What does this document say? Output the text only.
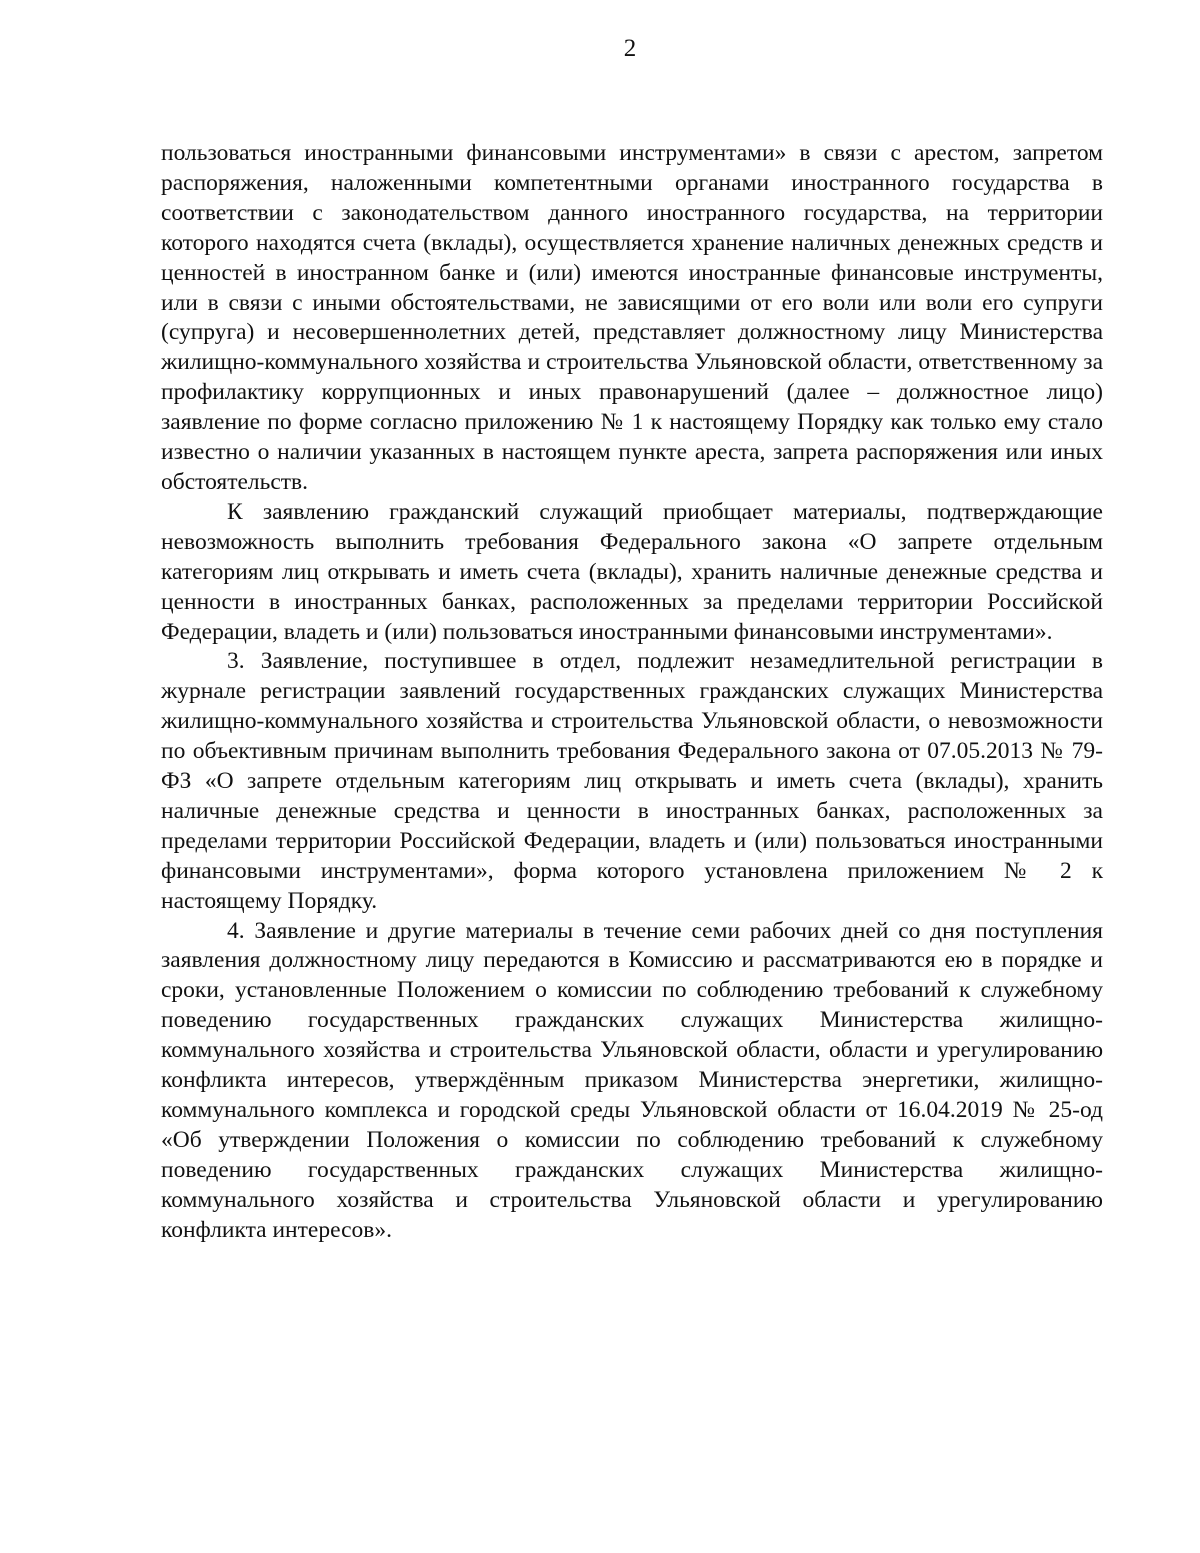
2

пользоваться иностранными финансовыми инструментами» в связи с арестом, запретом распоряжения, наложенными компетентными органами иностранного государства в соответствии с законодательством данного иностранного государства, на территории которого находятся счета (вклады), осуществляется хранение наличных денежных средств и ценностей в иностранном банке и (или) имеются иностранные финансовые инструменты, или в связи с иными обстоятельствами, не зависящими от его воли или воли его супруги (супруга) и несовершеннолетних детей, представляет должностному лицу Министерства жилищно-коммунального хозяйства и строительства Ульяновской области, ответственному за профилактику коррупционных и иных правонарушений (далее – должностное лицо) заявление по форме согласно приложению № 1 к настоящему Порядку как только ему стало известно о наличии указанных в настоящем пункте ареста, запрета распоряжения или иных обстоятельств.

К заявлению гражданский служащий приобщает материалы, подтверждающие невозможность выполнить требования Федерального закона «О запрете отдельным категориям лиц открывать и иметь счета (вклады), хранить наличные денежные средства и ценности в иностранных банках, расположенных за пределами территории Российской Федерации, владеть и (или) пользоваться иностранными финансовыми инструментами».

3. Заявление, поступившее в отдел, подлежит незамедлительной регистрации в журнале регистрации заявлений государственных гражданских служащих Министерства жилищно-коммунального хозяйства и строительства Ульяновской области, о невозможности по объективным причинам выполнить требования Федерального закона от 07.05.2013 № 79-ФЗ «О запрете отдельным категориям лиц открывать и иметь счета (вклады), хранить наличные денежные средства и ценности в иностранных банках, расположенных за пределами территории Российской Федерации, владеть и (или) пользоваться иностранными финансовыми инструментами», форма которого установлена приложением № 2 к настоящему Порядку.

4. Заявление и другие материалы в течение семи рабочих дней со дня поступления заявления должностному лицу передаются в Комиссию и рассматриваются ею в порядке и сроки, установленные Положением о комиссии по соблюдению требований к служебному поведению государственных гражданских служащих Министерства жилищно-коммунального хозяйства и строительства Ульяновской области, области и урегулированию конфликта интересов, утверждённым приказом Министерства энергетики, жилищно-коммунального комплекса и городской среды Ульяновской области от 16.04.2019 № 25-од «Об утверждении Положения о комиссии по соблюдению требований к служебному поведению государственных гражданских служащих Министерства жилищно-коммунального хозяйства и строительства Ульяновской области и урегулированию конфликта интересов».
